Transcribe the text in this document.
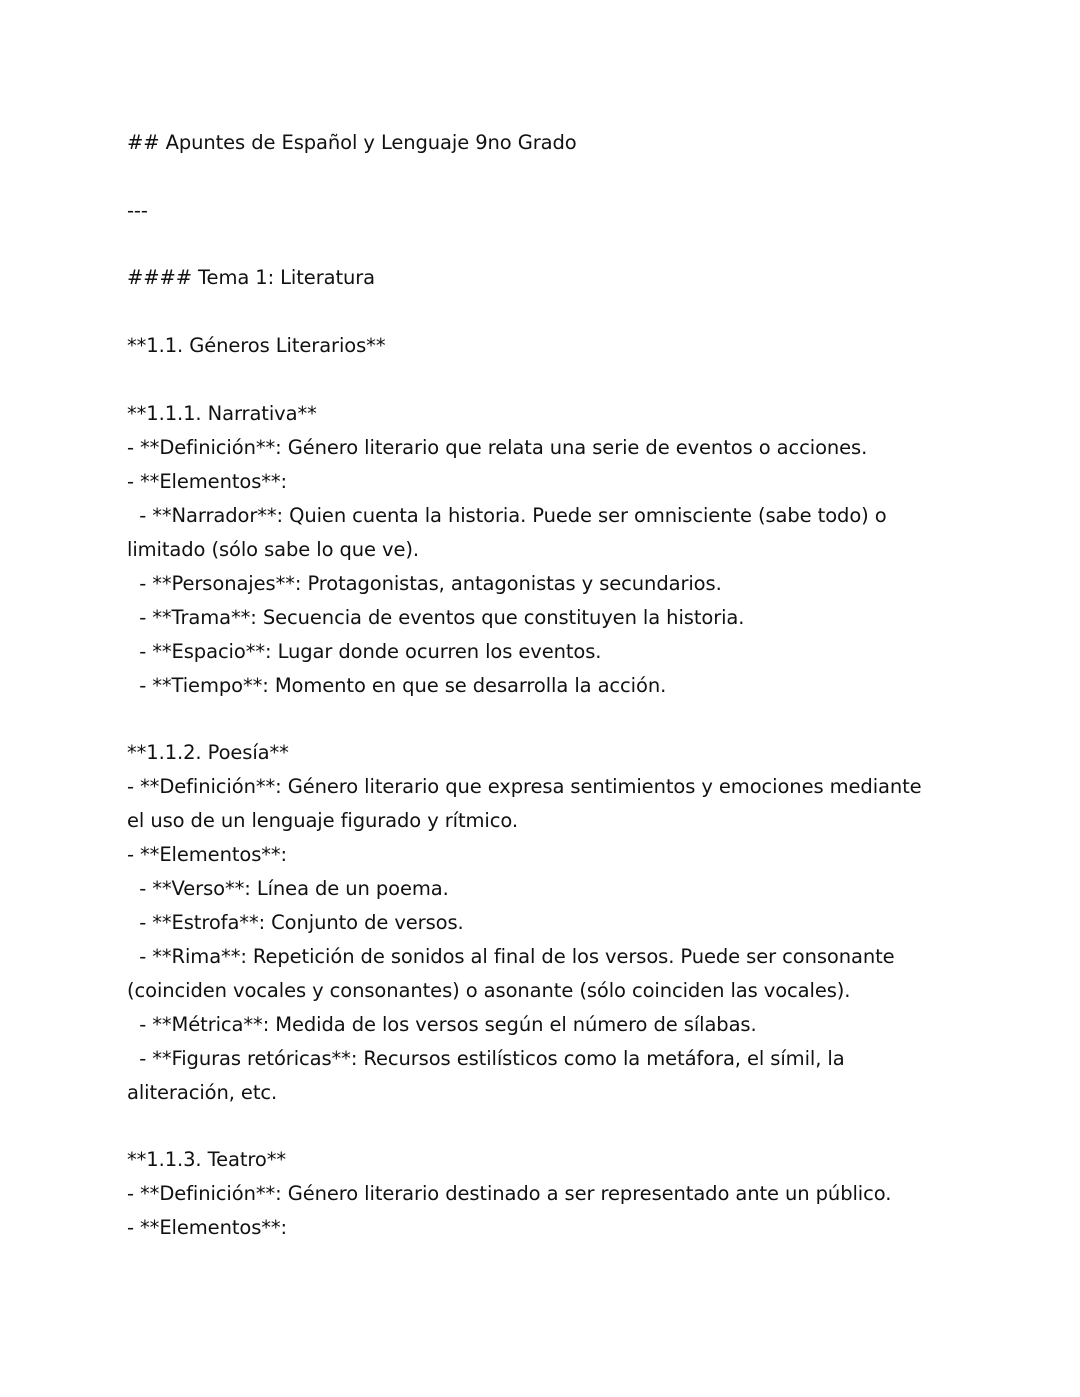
## Apuntes de Español y Lenguaje 9no Grado
---
#### Tema 1: Literatura
**1.1. Géneros Literarios**
**1.1.1. Narrativa**
- **Definición**: Género literario que relata una serie de eventos o acciones.
- **Elementos**:
- **Narrador**: Quien cuenta la historia. Puede ser omnisciente (sabe todo) o
limitado (sólo sabe lo que ve).
- **Personajes**: Protagonistas, antagonistas y secundarios.
- **Trama**: Secuencia de eventos que constituyen la historia.
- **Espacio**: Lugar donde ocurren los eventos.
- **Tiempo**: Momento en que se desarrolla la acción.
**1.1.2. Poesía**
- **Definición**: Género literario que expresa sentimientos y emociones mediante
el uso de un lenguaje figurado y rítmico.
- **Elementos**:
- **Verso**: Línea de un poema.
- **Estrofa**: Conjunto de versos.
- **Rima**: Repetición de sonidos al final de los versos. Puede ser consonante
(coinciden vocales y consonantes) o asonante (sólo coinciden las vocales).
- **Métrica**: Medida de los versos según el número de sílabas.
- **Figuras retóricas**: Recursos estilísticos como la metáfora, el símil, la
aliteración, etc.
**1.1.3. Teatro**
- **Definición**: Género literario destinado a ser representado ante un público.
- **Elementos**:
